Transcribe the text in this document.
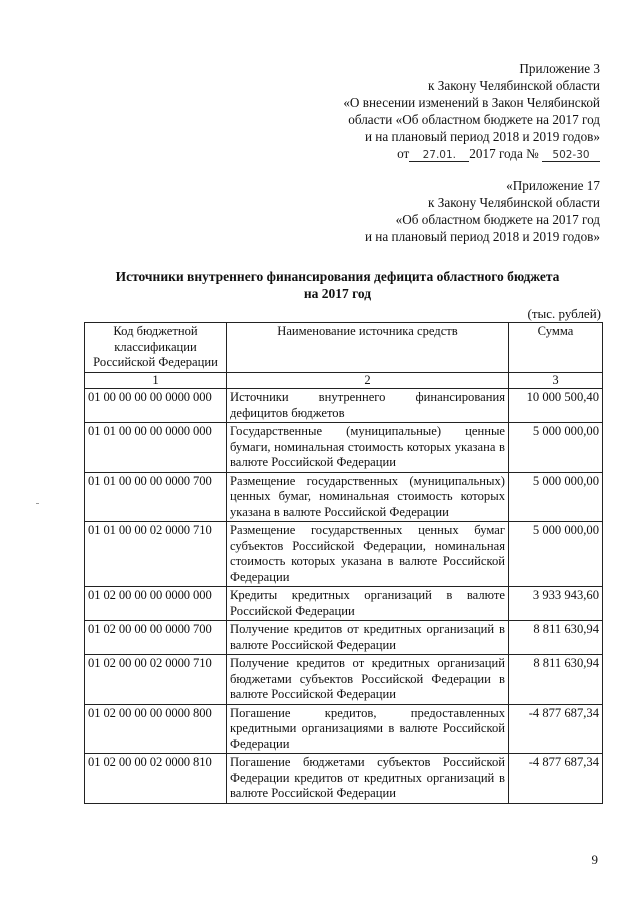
Приложение 3
к Закону Челябинской области
«О внесении изменений в Закон Челябинской
области «Об областном бюджете на 2017 год
и на плановый период 2018 и 2019 годов»
от 27.01. 2017 года № 502-30
«Приложение 17
к Закону Челябинской области
«Об областном бюджете на 2017 год
и на плановый период 2018 и 2019 годов»
Источники внутреннего финансирования дефицита областного бюджета
на 2017 год
(тыс. рублей)
Код бюджетной классификации Российской Федерации	Наименование источника средств	Сумма
1	2	3
01 00 00 00 00 0000 000	Источники внутреннего финансирования дефицитов бюджетов	10 000 500,40
01 01 00 00 00 0000 000	Государственные (муниципальные) ценные бумаги, номинальная стоимость которых указана в валюте Российской Федерации	5 000 000,00
01 01 00 00 00 0000 700	Размещение государственных (муниципальных) ценных бумаг, номинальная стоимость которых указана в валюте Российской Федерации	5 000 000,00
01 01 00 00 02 0000 710	Размещение государственных ценных бумаг субъектов Российской Федерации, номинальная стоимость которых указана в валюте Российской Федерации	5 000 000,00
01 02 00 00 00 0000 000	Кредиты кредитных организаций в валюте Российской Федерации	3 933 943,60
01 02 00 00 00 0000 700	Получение кредитов от кредитных организаций в валюте Российской Федерации	8 811 630,94
01 02 00 00 02 0000 710	Получение кредитов от кредитных организаций бюджетами субъектов Российской Федерации в валюте Российской Федерации	8 811 630,94
01 02 00 00 00 0000 800	Погашение кредитов, предоставленных кредитными организациями в валюте Российской Федерации	-4 877 687,34
01 02 00 00 02 0000 810	Погашение бюджетами субъектов Российской Федерации кредитов от кредитных организаций в валюте Российской Федерации	-4 877 687,34
9
